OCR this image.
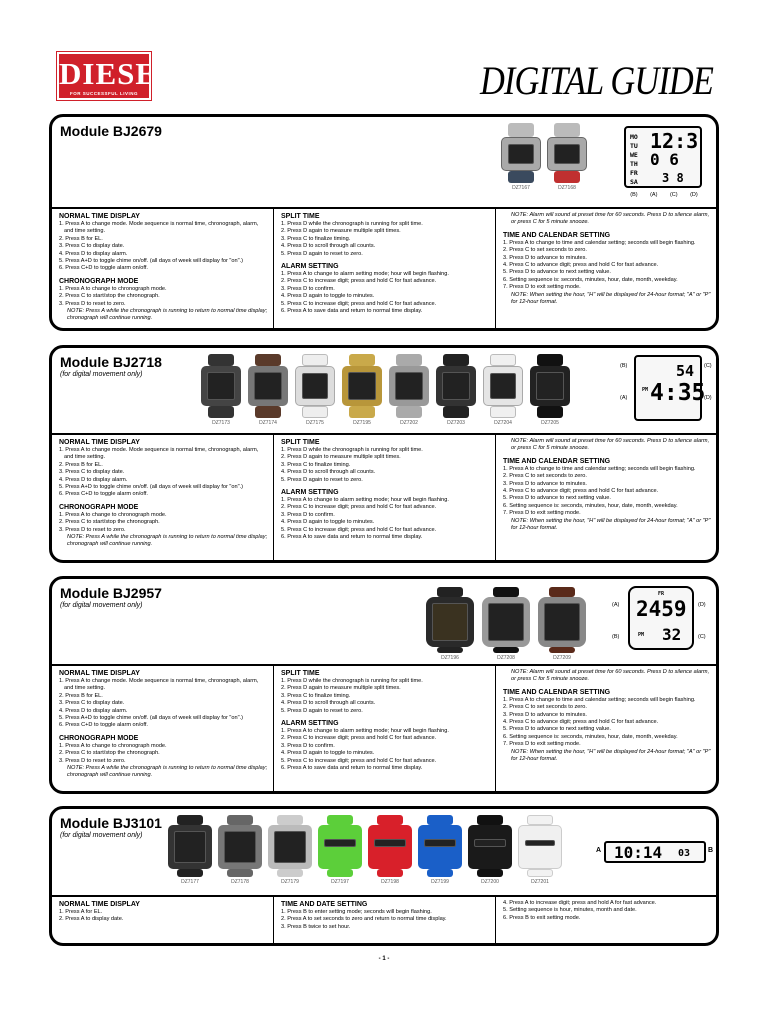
DIESEL
FOR SUCCESSFUL LIVING	DIGITAL GUIDE
Module BJ2679
DZ7167	DZ7168
MO
TU
WE
TH
FR
SA
12:3
0 6
3 8
(B) (A) (C) (D)
NORMAL TIME DISPLAY
1. Press A to change mode. Mode sequence is normal time, chronograph, alarm, and time setting.
2. Press B for EL.
3. Press C to display date.
4. Press D to display alarm.
5. Press A+D to toggle chime on/off. (all days of week will display for "on".)
6. Press C+D to toggle alarm on/off.
CHRONOGRAPH MODE
1. Press A to change to chronograph mode.
2. Press C to start/stop the chronograph.
3. Press D to reset to zero.
NOTE: Press A while the chronograph is running to return to normal time display; chronograph will continue running.
SPLIT TIME
1. Press D while the chronograph is running for split time.
2. Press D again to measure multiple split times.
3. Press C to finalize timing.
4. Press D to scroll through all counts.
5. Press D again to reset to zero.
ALARM SETTING
1. Press A to change to alarm setting mode; hour will begin flashing.
2. Press C to increase digit; press and hold C for fast advance.
3. Press D to confirm.
4. Press D again to toggle to minutes.
5. Press C to increase digit; press and hold C for fast advance.
6. Press A to save data and return to normal time display.
NOTE: Alarm will sound at preset time for 60 seconds. Press D to silence alarm, or press C for 5 minute snooze.
TIME AND CALENDAR SETTING
1. Press A to change to time and calendar setting; seconds will begin flashing.
2. Press C to set seconds to zero.
3. Press D to advance to minutes.
4. Press C to advance digit; press and hold C for fast advance.
5. Press D to advance to next setting value.
6. Setting sequence is: seconds, minutes, hour, date, month, weekday.
7. Press D to exit setting mode.
NOTE: When setting the hour, "H" will be displayed for 24-hour format; "A" or "P" for 12-hour format.
Module BJ2718
(for digital movement only)
DZ7173	DZ7174	DZ7175	DZ7195	DZ7202	DZ7203	DZ7204	DZ7205
54
PM 4:35
(B)
(A)
(C)
(D)
NORMAL TIME DISPLAY
1. Press A to change mode. Mode sequence is normal time, chronograph, alarm, and time setting.
2. Press B for EL.
3. Press C to display date.
4. Press D to display alarm.
5. Press A+D to toggle chime on/off. (all days of week will display for "on".)
6. Press C+D to toggle alarm on/off.
CHRONOGRAPH MODE
1. Press A to change to chronograph mode.
2. Press C to start/stop the chronograph.
3. Press D to reset to zero.
NOTE: Press A while the chronograph is running to return to normal time display; chronograph will continue running.
SPLIT TIME
1. Press D while the chronograph is running for split time.
2. Press D again to measure multiple split times.
3. Press C to finalize timing.
4. Press D to scroll through all counts.
5. Press D again to reset to zero.
ALARM SETTING
1. Press A to change to alarm setting mode; hour will begin flashing.
2. Press C to increase digit; press and hold C for fast advance.
3. Press D to confirm.
4. Press D again to toggle to minutes.
5. Press C to increase digit; press and hold C for fast advance.
6. Press A to save data and return to normal time display.
NOTE: Alarm will sound at preset time for 60 seconds. Press D to silence alarm, or press C for 5 minute snooze.
TIME AND CALENDAR SETTING
1. Press A to change to time and calendar setting; seconds will begin flashing.
2. Press C to set seconds to zero.
3. Press D to advance to minutes.
4. Press C to advance digit; press and hold C for fast advance.
5. Press D to advance to next setting value.
6. Setting sequence is: seconds, minutes, hour, date, month, weekday.
7. Press D to exit setting mode.
NOTE: When setting the hour, "H" will be displayed for 24-hour format; "A" or "P" for 12-hour format.
Module BJ2957
(for digital movement only)
DZ7196	DZ7208	DZ7209
FR
2459
PM 32
(A)
(B)
(D)
(C)
NORMAL TIME DISPLAY
1. Press A to change mode. Mode sequence is normal time, chronograph, alarm, and time setting.
2. Press B for EL.
3. Press C to display date.
4. Press D to display alarm.
5. Press A+D to toggle chime on/off. (all days of week will display for "on".)
6. Press C+D to toggle alarm on/off.
CHRONOGRAPH MODE
1. Press A to change to chronograph mode.
2. Press C to start/stop the chronograph.
3. Press D to reset to zero.
NOTE: Press A while the chronograph is running to return to normal time display; chronograph will continue running.
SPLIT TIME
1. Press D while the chronograph is running for split time.
2. Press D again to measure multiple split times.
3. Press C to finalize timing.
4. Press D to scroll through all counts.
5. Press D again to reset to zero.
ALARM SETTING
1. Press A to change to alarm setting mode; hour will begin flashing.
2. Press C to increase digit; press and hold C for fast advance.
3. Press D to confirm.
4. Press D again to toggle to minutes.
5. Press C to increase digit; press and hold C for fast advance.
6. Press A to save data and return to normal time display.
NOTE: Alarm will sound at preset time for 60 seconds. Press D to silence alarm, or press C for 5 minute snooze.
TIME AND CALENDAR SETTING
1. Press A to change to time and calendar setting; seconds will begin flashing.
2. Press C to set seconds to zero.
3. Press D to advance to minutes.
4. Press C to advance digit; press and hold C for fast advance.
5. Press D to advance to next setting value.
6. Setting sequence is: seconds, minutes, hour, date, month, weekday.
7. Press D to exit setting mode.
NOTE: When setting the hour, "H" will be displayed for 24-hour format; "A" or "P" for 12-hour format.
Module BJ3101
(for digital movement only)
DZ7177	DZ7178	DZ7179	DZ7197	DZ7198	DZ7199	DZ7200	DZ7201
A 10:14 03	B
NORMAL TIME DISPLAY
1. Press A for EL.
2. Press A to display date.
TIME AND DATE SETTING
1. Press B to enter setting mode; seconds will begin flashing.
2. Press A to set seconds to zero and return to normal time display.
3. Press B twice to set hour.
4. Press A to increase digit; press and hold A for fast advance.
5. Setting sequence is hour, minutes, month and date.
6. Press B to exit setting mode.
- 1 -
